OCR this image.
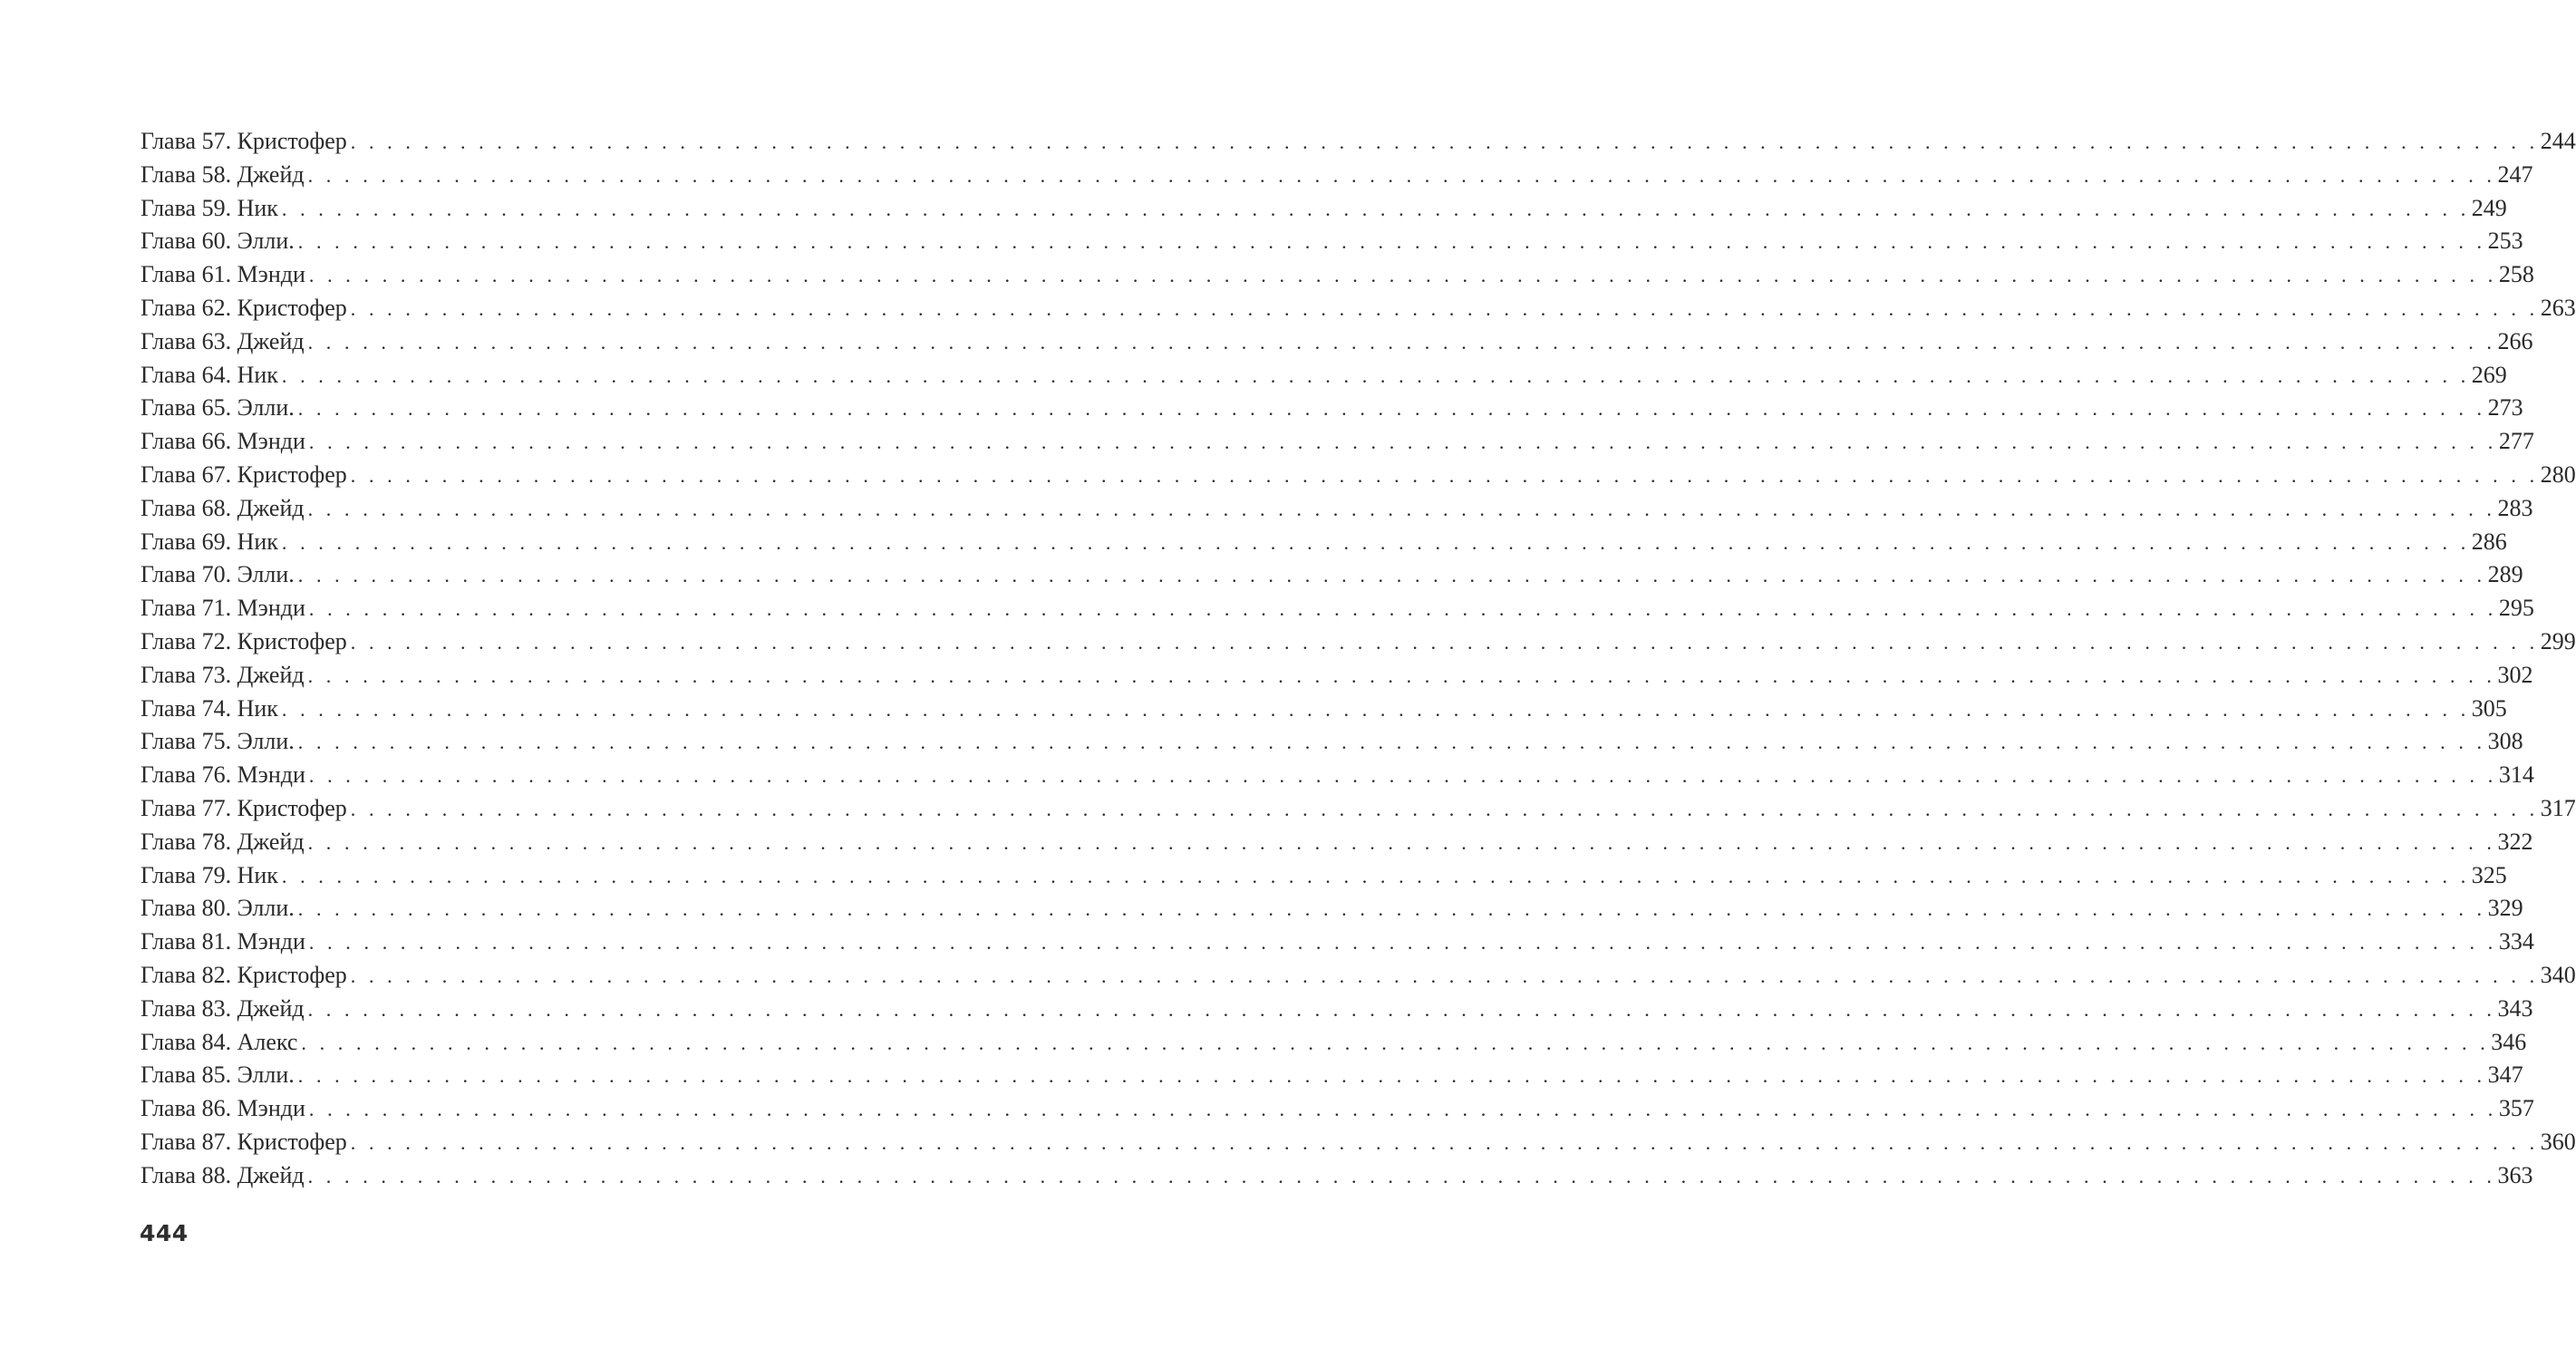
Глава 57. Кристофер . . . . . . . . . . . . . . . . . . . . . . . . . . . . . . . . . . . . . . . . . . . . . . . . . . . . . . . . . . . . . . . . . . . . . . . . . . . . . . . . . . . . . . . . . . . . . . . . . . . . . . . . . . . . . . . . . . . . . . . . 244
Глава 58. Джейд . . . . . . . . . . . . . . . . . . . . . . . . . . . . . . . . . . . . . . . . . . . . . . . . . . . . . . . . . . . . . . . . . . . . . . . . . . . . . . . . . . . . . . . . . . . . . . . . . . . . . . . . . . . . . . . . . . . . . . . . 247
Глава 59. Ник . . . . . . . . . . . . . . . . . . . . . . . . . . . . . . . . . . . . . . . . . . . . . . . . . . . . . . . . . . . . . . . . . . . . . . . . . . . . . . . . . . . . . . . . . . . . . . . . . . . . . . . . . . . . . . . . . . . . . . . . 249
Глава 60. Элли. . . . . . . . . . . . . . . . . . . . . . . . . . . . . . . . . . . . . . . . . . . . . . . . . . . . . . . . . . . . . . . . . . . . . . . . . . . . . . . . . . . . . . . . . . . . . . . . . . . . . . . . . . . . . . . . . . . . . . . . . 253
Глава 61. Мэнди . . . . . . . . . . . . . . . . . . . . . . . . . . . . . . . . . . . . . . . . . . . . . . . . . . . . . . . . . . . . . . . . . . . . . . . . . . . . . . . . . . . . . . . . . . . . . . . . . . . . . . . . . . . . . . . . . . . . . . . . 258
Глава 62. Кристофер . . . . . . . . . . . . . . . . . . . . . . . . . . . . . . . . . . . . . . . . . . . . . . . . . . . . . . . . . . . . . . . . . . . . . . . . . . . . . . . . . . . . . . . . . . . . . . . . . . . . . . . . . . . . . . . . . . . . . . . . 263
Глава 63. Джейд . . . . . . . . . . . . . . . . . . . . . . . . . . . . . . . . . . . . . . . . . . . . . . . . . . . . . . . . . . . . . . . . . . . . . . . . . . . . . . . . . . . . . . . . . . . . . . . . . . . . . . . . . . . . . . . . . . . . . . . . 266
Глава 64. Ник . . . . . . . . . . . . . . . . . . . . . . . . . . . . . . . . . . . . . . . . . . . . . . . . . . . . . . . . . . . . . . . . . . . . . . . . . . . . . . . . . . . . . . . . . . . . . . . . . . . . . . . . . . . . . . . . . . . . . . . . 269
Глава 65. Элли. . . . . . . . . . . . . . . . . . . . . . . . . . . . . . . . . . . . . . . . . . . . . . . . . . . . . . . . . . . . . . . . . . . . . . . . . . . . . . . . . . . . . . . . . . . . . . . . . . . . . . . . . . . . . . . . . . . . . . . . . 273
Глава 66. Мэнди . . . . . . . . . . . . . . . . . . . . . . . . . . . . . . . . . . . . . . . . . . . . . . . . . . . . . . . . . . . . . . . . . . . . . . . . . . . . . . . . . . . . . . . . . . . . . . . . . . . . . . . . . . . . . . . . . . . . . . . . 277
Глава 67. Кристофер . . . . . . . . . . . . . . . . . . . . . . . . . . . . . . . . . . . . . . . . . . . . . . . . . . . . . . . . . . . . . . . . . . . . . . . . . . . . . . . . . . . . . . . . . . . . . . . . . . . . . . . . . . . . . . . . . . . . . . . . 280
Глава 68. Джейд . . . . . . . . . . . . . . . . . . . . . . . . . . . . . . . . . . . . . . . . . . . . . . . . . . . . . . . . . . . . . . . . . . . . . . . . . . . . . . . . . . . . . . . . . . . . . . . . . . . . . . . . . . . . . . . . . . . . . . . . 283
Глава 69. Ник . . . . . . . . . . . . . . . . . . . . . . . . . . . . . . . . . . . . . . . . . . . . . . . . . . . . . . . . . . . . . . . . . . . . . . . . . . . . . . . . . . . . . . . . . . . . . . . . . . . . . . . . . . . . . . . . . . . . . . . . 286
Глава 70. Элли. . . . . . . . . . . . . . . . . . . . . . . . . . . . . . . . . . . . . . . . . . . . . . . . . . . . . . . . . . . . . . . . . . . . . . . . . . . . . . . . . . . . . . . . . . . . . . . . . . . . . . . . . . . . . . . . . . . . . . . . . 289
Глава 71. Мэнди . . . . . . . . . . . . . . . . . . . . . . . . . . . . . . . . . . . . . . . . . . . . . . . . . . . . . . . . . . . . . . . . . . . . . . . . . . . . . . . . . . . . . . . . . . . . . . . . . . . . . . . . . . . . . . . . . . . . . . . . 295
Глава 72. Кристофер . . . . . . . . . . . . . . . . . . . . . . . . . . . . . . . . . . . . . . . . . . . . . . . . . . . . . . . . . . . . . . . . . . . . . . . . . . . . . . . . . . . . . . . . . . . . . . . . . . . . . . . . . . . . . . . . . . . . . . . . 299
Глава 73. Джейд . . . . . . . . . . . . . . . . . . . . . . . . . . . . . . . . . . . . . . . . . . . . . . . . . . . . . . . . . . . . . . . . . . . . . . . . . . . . . . . . . . . . . . . . . . . . . . . . . . . . . . . . . . . . . . . . . . . . . . . . 302
Глава 74. Ник . . . . . . . . . . . . . . . . . . . . . . . . . . . . . . . . . . . . . . . . . . . . . . . . . . . . . . . . . . . . . . . . . . . . . . . . . . . . . . . . . . . . . . . . . . . . . . . . . . . . . . . . . . . . . . . . . . . . . . . . 305
Глава 75. Элли. . . . . . . . . . . . . . . . . . . . . . . . . . . . . . . . . . . . . . . . . . . . . . . . . . . . . . . . . . . . . . . . . . . . . . . . . . . . . . . . . . . . . . . . . . . . . . . . . . . . . . . . . . . . . . . . . . . . . . . . . 308
Глава 76. Мэнди . . . . . . . . . . . . . . . . . . . . . . . . . . . . . . . . . . . . . . . . . . . . . . . . . . . . . . . . . . . . . . . . . . . . . . . . . . . . . . . . . . . . . . . . . . . . . . . . . . . . . . . . . . . . . . . . . . . . . . . . 314
Глава 77. Кристофер . . . . . . . . . . . . . . . . . . . . . . . . . . . . . . . . . . . . . . . . . . . . . . . . . . . . . . . . . . . . . . . . . . . . . . . . . . . . . . . . . . . . . . . . . . . . . . . . . . . . . . . . . . . . . . . . . . . . . . . . 317
Глава 78. Джейд . . . . . . . . . . . . . . . . . . . . . . . . . . . . . . . . . . . . . . . . . . . . . . . . . . . . . . . . . . . . . . . . . . . . . . . . . . . . . . . . . . . . . . . . . . . . . . . . . . . . . . . . . . . . . . . . . . . . . . . . 322
Глава 79. Ник . . . . . . . . . . . . . . . . . . . . . . . . . . . . . . . . . . . . . . . . . . . . . . . . . . . . . . . . . . . . . . . . . . . . . . . . . . . . . . . . . . . . . . . . . . . . . . . . . . . . . . . . . . . . . . . . . . . . . . . . 325
Глава 80. Элли. . . . . . . . . . . . . . . . . . . . . . . . . . . . . . . . . . . . . . . . . . . . . . . . . . . . . . . . . . . . . . . . . . . . . . . . . . . . . . . . . . . . . . . . . . . . . . . . . . . . . . . . . . . . . . . . . . . . . . . . . 329
Глава 81. Мэнди . . . . . . . . . . . . . . . . . . . . . . . . . . . . . . . . . . . . . . . . . . . . . . . . . . . . . . . . . . . . . . . . . . . . . . . . . . . . . . . . . . . . . . . . . . . . . . . . . . . . . . . . . . . . . . . . . . . . . . . . 334
Глава 82. Кристофер . . . . . . . . . . . . . . . . . . . . . . . . . . . . . . . . . . . . . . . . . . . . . . . . . . . . . . . . . . . . . . . . . . . . . . . . . . . . . . . . . . . . . . . . . . . . . . . . . . . . . . . . . . . . . . . . . . . . . . . . 340
Глава 83. Джейд . . . . . . . . . . . . . . . . . . . . . . . . . . . . . . . . . . . . . . . . . . . . . . . . . . . . . . . . . . . . . . . . . . . . . . . . . . . . . . . . . . . . . . . . . . . . . . . . . . . . . . . . . . . . . . . . . . . . . . . . 343
Глава 84. Алекс . . . . . . . . . . . . . . . . . . . . . . . . . . . . . . . . . . . . . . . . . . . . . . . . . . . . . . . . . . . . . . . . . . . . . . . . . . . . . . . . . . . . . . . . . . . . . . . . . . . . . . . . . . . . . . . . . . . . . . . . 346
Глава 85. Элли. . . . . . . . . . . . . . . . . . . . . . . . . . . . . . . . . . . . . . . . . . . . . . . . . . . . . . . . . . . . . . . . . . . . . . . . . . . . . . . . . . . . . . . . . . . . . . . . . . . . . . . . . . . . . . . . . . . . . . . . . 347
Глава 86. Мэнди . . . . . . . . . . . . . . . . . . . . . . . . . . . . . . . . . . . . . . . . . . . . . . . . . . . . . . . . . . . . . . . . . . . . . . . . . . . . . . . . . . . . . . . . . . . . . . . . . . . . . . . . . . . . . . . . . . . . . . . . 357
Глава 87. Кристофер . . . . . . . . . . . . . . . . . . . . . . . . . . . . . . . . . . . . . . . . . . . . . . . . . . . . . . . . . . . . . . . . . . . . . . . . . . . . . . . . . . . . . . . . . . . . . . . . . . . . . . . . . . . . . . . . . . . . . . . . 360
Глава 88. Джейд . . . . . . . . . . . . . . . . . . . . . . . . . . . . . . . . . . . . . . . . . . . . . . . . . . . . . . . . . . . . . . . . . . . . . . . . . . . . . . . . . . . . . . . . . . . . . . . . . . . . . . . . . . . . . . . . . . . . . . . . 363
444
